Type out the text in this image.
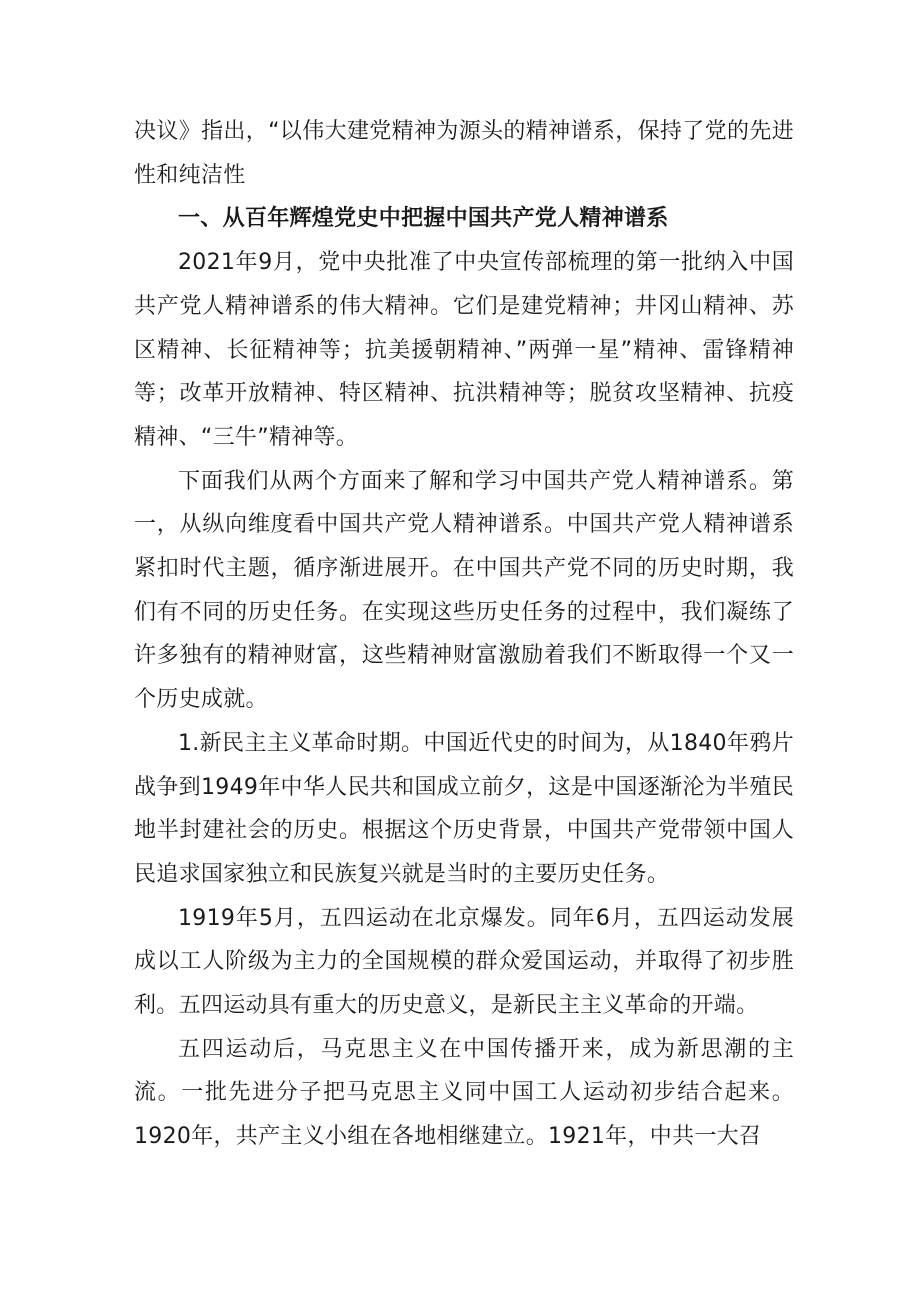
决议》指出，“以伟大建党精神为源头的精神谱系，保持了党的先进性和纯洁性

一、从百年辉煌党史中把握中国共产党人精神谱系

2021年9月，党中央批准了中央宣传部梳理的第一批纳入中国共产党人精神谱系的伟大精神。它们是建党精神；井冈山精神、苏区精神、长征精神等；抗美援朝精神、”两弹一星”精神、雷锋精神等；改革开放精神、特区精神、抗洪精神等；脱贫攻坚精神、抗疫精神、“三牛”精神等。

下面我们从两个方面来了解和学习中国共产党人精神谱系。第一，从纵向维度看中国共产党人精神谱系。中国共产党人精神谱系紧扣时代主题，循序渐进展开。在中国共产党不同的历史时期，我们有不同的历史任务。在实现这些历史任务的过程中，我们凝练了许多独有的精神财富，这些精神财富激励着我们不断取得一个又一个历史成就。

1.新民主主义革命时期。中国近代史的时间为，从1840年鸦片战争到1949年中华人民共和国成立前夕，这是中国逐渐沦为半殖民地半封建社会的历史。根据这个历史背景，中国共产党带领中国人民追求国家独立和民族复兴就是当时的主要历史任务。

1919年5月，五四运动在北京爆发。同年6月，五四运动发展成以工人阶级为主力的全国规模的群众爱国运动，并取得了初步胜利。五四运动具有重大的历史意义，是新民主主义革命的开端。

五四运动后，马克思主义在中国传播开来，成为新思潮的主流。一批先进分子把马克思主义同中国工人运动初步结合起来。1920年，共产主义小组在各地相继建立。1921年，中共一大召
